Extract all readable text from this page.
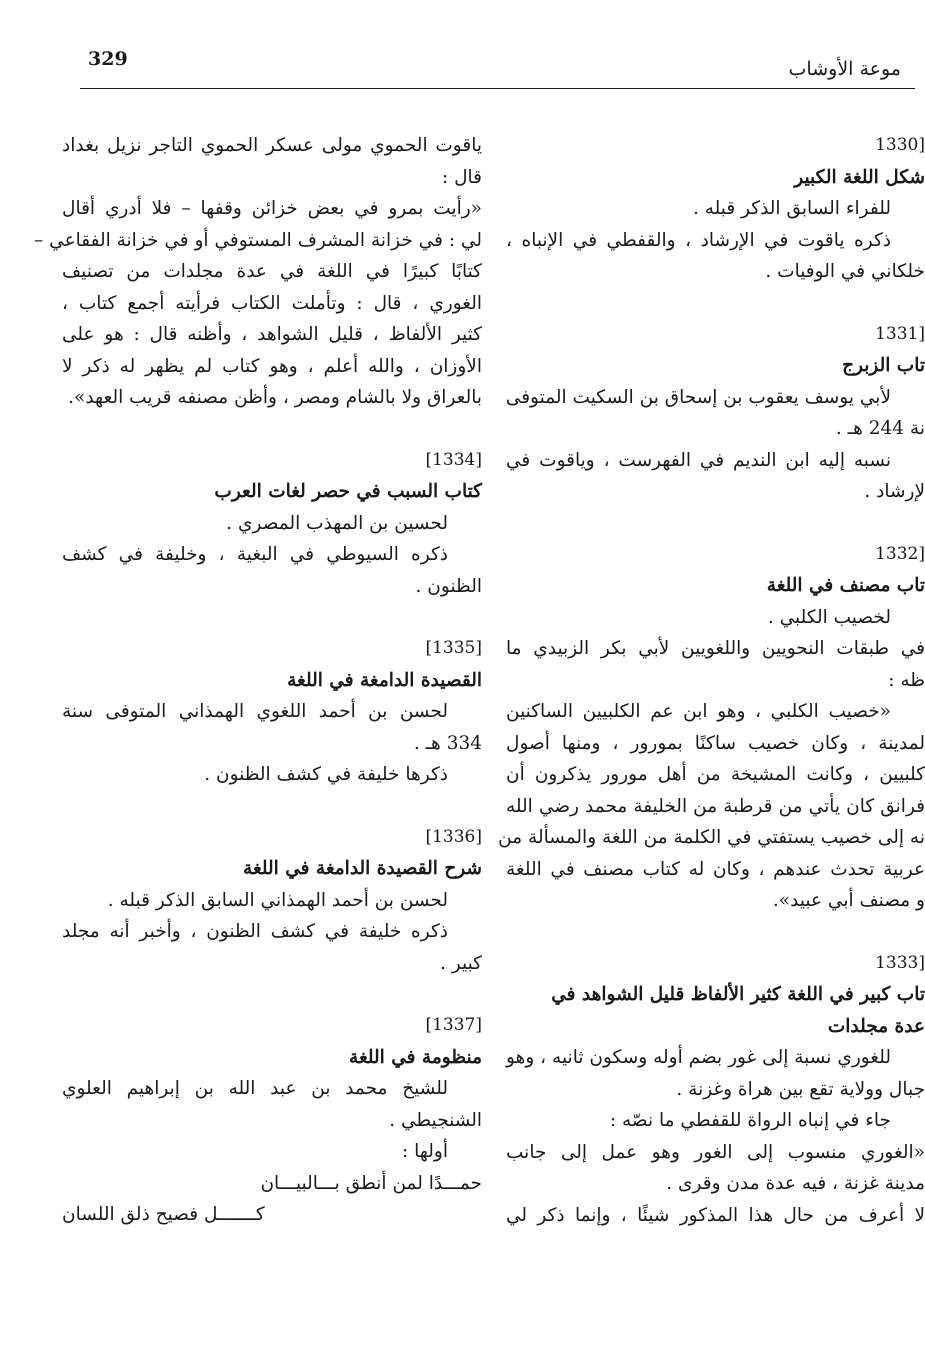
329	موعة الأوشاب
ياقوت الحموي مولى عسكر الحموي التاجر نزيل بغداد
قال :
«رأيت بمرو في بعض خزائن وقفها – فلا أدري أقال
لي : في خزانة المشرف المستوفي أو في خزانة الفقاعي –
كتابًا كبيرًا في اللغة في عدة مجلدات من تصنيف
الغوري ، قال : وتأملت الكتاب فرأيته أجمع كتاب ،
كثير الألفاظ ، قليل الشواهد ، وأظنه قال : هو على
الأوزان ، والله أعلم ، وهو كتاب لم يظهر له ذكر لا
بالعراق ولا بالشام ومصر ، وأظن مصنفه قريب العهد».
[1334]
كتاب السبب في حصر لغات العرب
لحسين بن المهذب المصري .
ذكره السيوطي في البغية ، وخليفة في كشف
الظنون .
[1335]
القصيدة الدامغة في اللغة
لحسن بن أحمد اللغوي الهمذاني المتوفى سنة
334 هـ .
ذكرها خليفة في كشف الظنون .
[1336]
شرح القصيدة الدامغة في اللغة
لحسن بن أحمد الهمذاني السابق الذكر قبله .
ذكره خليفة في كشف الظنون ، وأخبر أنه مجلد
كبير .
[1337]
منظومة في اللغة
للشيخ محمد بن عبد الله بن إبراهيم العلوي
الشنجيطي .
أولها :
حمـــدًا لمن أنطق بـــالبيـــان
كـــــــل فصيح ذلق اللسان
[1330
شكل اللغة الكبير
للفراء السابق الذكر قبله .
ذكره ياقوت في الإرشاد ، والقفطي في الإنباه ،
خلكاني في الوفيات .
[1331
تاب الزبرج
لأبي يوسف يعقوب بن إسحاق بن السكيت المتوفى
نة 244 هـ .
نسبه إليه ابن النديم في الفهرست ، وياقوت في
لإرشاد .
[1332
تاب مصنف في اللغة
لخصيب الكلبي .
في طبقات النحويين واللغويين لأبي بكر الزبيدي ما
ظه :
«خصيب الكلبي ، وهو ابن عم الكلبيين الساكنين
لمدينة ، وكان خصيب ساكنًا بمورور ، ومنها أصول
كلبيين ، وكانت المشيخة من أهل مورور يذكرون أن
فرانق كان يأتي من قرطبة من الخليفة محمد رضي الله
نه إلى خصيب يستفتي في الكلمة من اللغة والمسألة من
عربية تحدث عندهم ، وكان له كتاب مصنف في اللغة
و مصنف أبي عبيد».
[1333
تاب كبير في اللغة كثير الألفاظ قليل الشواهد في
عدة مجلدات
للغوري نسبة إلى غور بضم أوله وسكون ثانيه ، وهو
جبال وولاية تقع بين هراة وغزنة .
جاء في إنباه الرواة للقفطي ما نصّه :
«الغوري منسوب إلى الغور وهو عمل إلى جانب
مدينة غزنة ، فيه عدة مدن وقرى .
لا أعرف من حال هذا المذكور شيئًا ، وإنما ذكر لي
